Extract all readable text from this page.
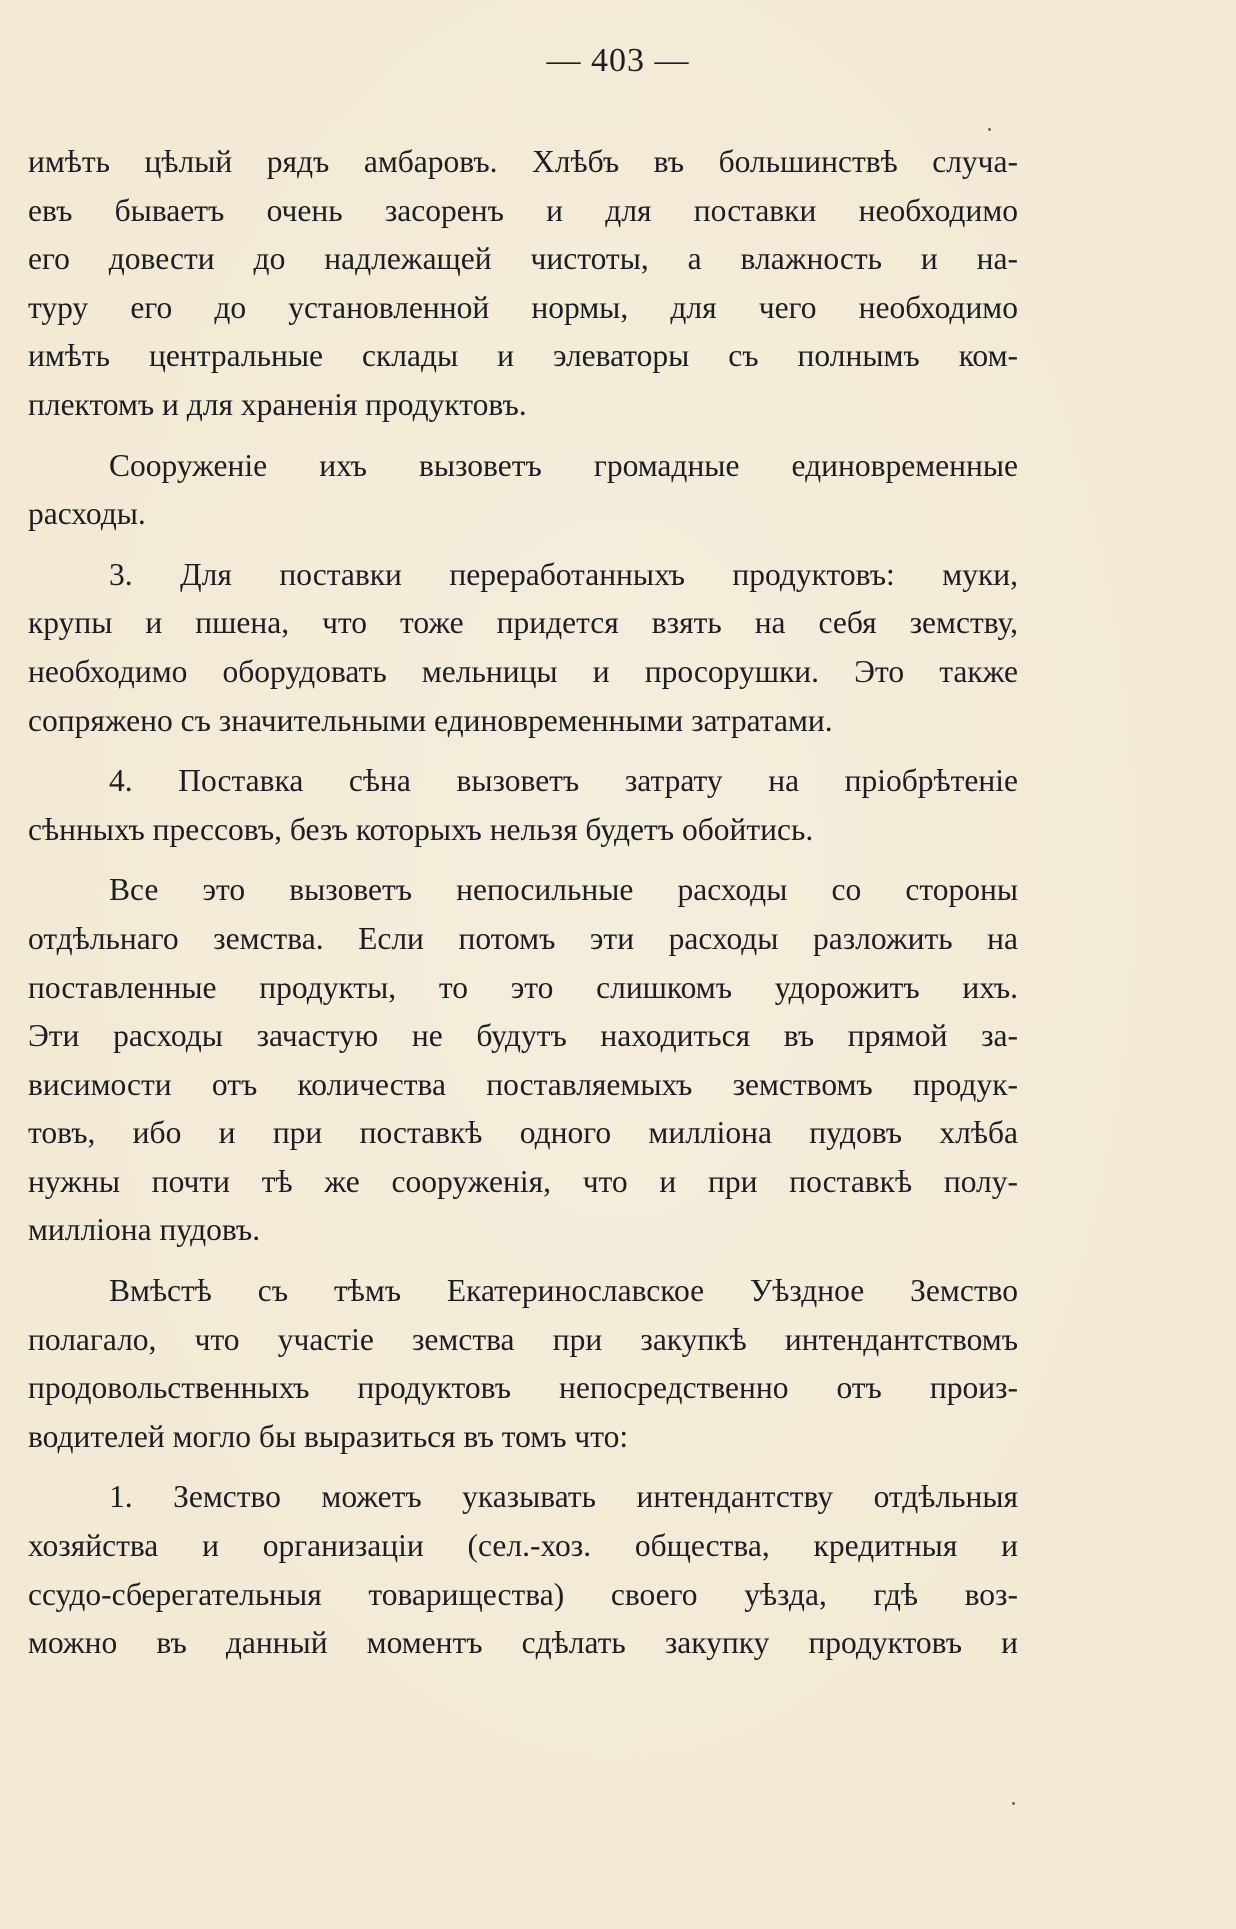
— 403 —
имѣть цѣлый рядъ амбаровъ. Хлѣбъ въ большинствѣ случа-
евъ бываетъ очень засоренъ и для поставки необходимо
его довести до надлежащей чистоты, а влажность и на-
туру его до установленной нормы, для чего необходимо
имѣть центральные склады и элеваторы съ полнымъ ком-
плектомъ и для храненія продуктовъ.
Сооруженіе ихъ вызоветъ громадные единовременные
расходы.
3. Для поставки переработанныхъ продуктовъ: муки,
крупы и пшена, что тоже придется взять на себя земству,
необходимо оборудовать мельницы и просорушки. Это также
сопряжено съ значительными единовременными затратами.
4. Поставка сѣна вызоветъ затрату на пріобрѣтеніе
сѣнныхъ прессовъ, безъ которыхъ нельзя будетъ обойтись.
Все это вызоветъ непосильные расходы со стороны
отдѣльнаго земства. Если потомъ эти расходы разложить на
поставленные продукты, то это слишкомъ удорожитъ ихъ.
Эти расходы зачастую не будутъ находиться въ прямой за-
висимости отъ количества поставляемыхъ земствомъ продук-
товъ, ибо и при поставкѣ одного милліона пудовъ хлѣба
нужны почти тѣ же сооруженія, что и при поставкѣ полу-
милліона пудовъ.
Вмѣстѣ съ тѣмъ Екатеринославское Уѣздное Земство
полагало, что участіе земства при закупкѣ интендантствомъ
продовольственныхъ продуктовъ непосредственно отъ произ-
водителей могло бы выразиться въ томъ что:
1. Земство можетъ указывать интендантству отдѣльныя
хозяйства и организаціи (сел.-хоз. общества, кредитныя и
ссудо-сберегательныя товарищества) своего уѣзда, гдѣ воз-
можно въ данный моментъ сдѣлать закупку продуктовъ и
